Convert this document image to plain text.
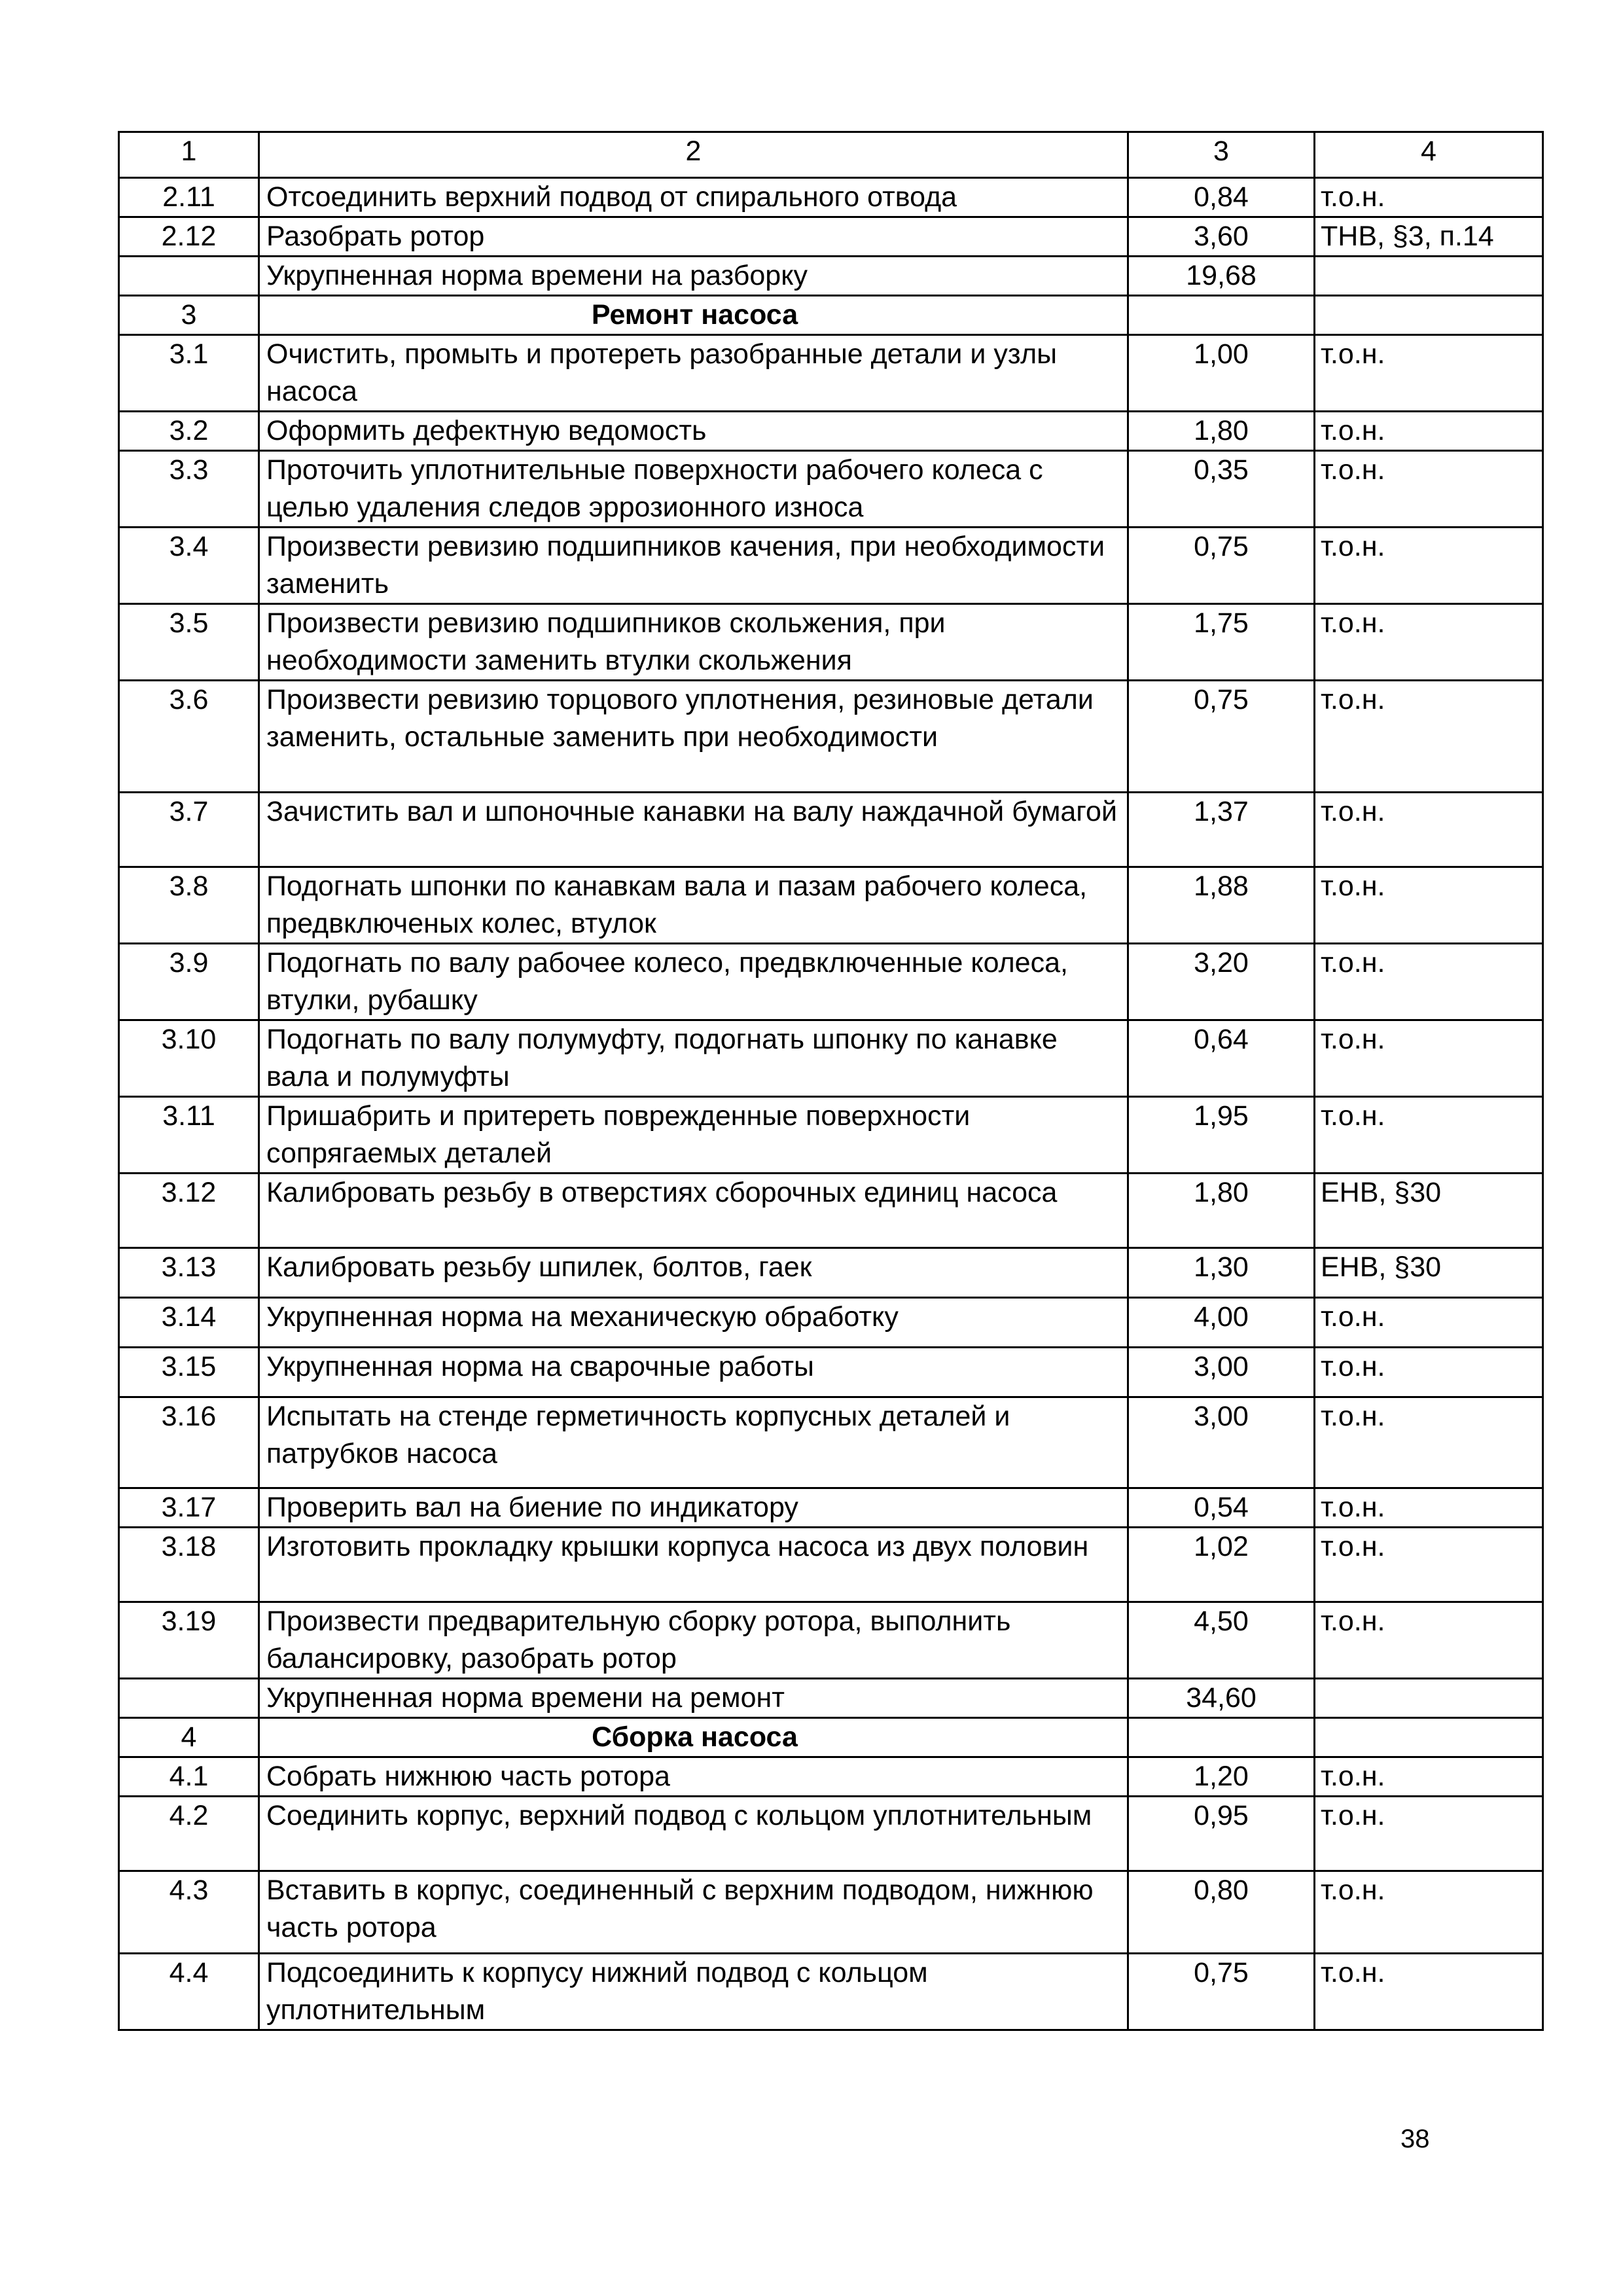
1	2	3	4
2.11	Отсоединить верхний подвод от спирального отвода	0,84	т.о.н.
2.12	Разобрать ротор	3,60	ТНВ, §3, п.14
	Укрупненная норма времени на разборку	19,68	
3	Ремонт насоса		
3.1	Очистить, промыть и протереть разобранные детали и узлы насоса	1,00	т.о.н.
3.2	Оформить дефектную ведомость	1,80	т.о.н.
3.3	Проточить уплотнительные поверхности рабочего колеса с целью удаления следов эррозионного износа	0,35	т.о.н.
3.4	Произвести ревизию подшипников качения, при необходимости заменить	0,75	т.о.н.
3.5	Произвести ревизию подшипников скольжения, при необходимости заменить втулки скольжения	1,75	т.о.н.
3.6	Произвести ревизию торцового уплотнения, резиновые детали заменить, остальные заменить при необходимости	0,75	т.о.н.
3.7	Зачистить вал и шпоночные канавки на валу наждачной бумагой	1,37	т.о.н.
3.8	Подогнать шпонки по канавкам вала и пазам рабочего колеса, предвключеных колес, втулок	1,88	т.о.н.
3.9	Подогнать по валу рабочее колесо, предвключенные колеса, втулки, рубашку	3,20	т.о.н.
3.10	Подогнать по валу полумуфту, подогнать шпонку по канавке вала и полумуфты	0,64	т.о.н.
3.11	Пришабрить и притереть поврежденные поверхности сопрягаемых деталей	1,95	т.о.н.
3.12	Калибровать резьбу в отверстиях сборочных единиц насоса	1,80	ЕНВ, §30
3.13	Калибровать резьбу шпилек, болтов, гаек	1,30	ЕНВ, §30
3.14	Укрупненная норма на механическую обработку	4,00	т.о.н.
3.15	Укрупненная норма на сварочные работы	3,00	т.о.н.
3.16	Испытать на стенде герметичность корпусных деталей и патрубков насоса	3,00	т.о.н.
3.17	Проверить вал на биение по индикатору	0,54	т.о.н.
3.18	Изготовить прокладку крышки корпуса насоса из двух половин	1,02	т.о.н.
3.19	Произвести предварительную сборку ротора, выполнить балансировку, разобрать ротор	4,50	т.о.н.
	Укрупненная норма времени на ремонт	34,60	
4	Сборка насоса		
4.1	Собрать нижнюю часть ротора	1,20	т.о.н.
4.2	Соединить корпус, верхний подвод с кольцом уплотнительным	0,95	т.о.н.
4.3	Вставить в корпус, соединенный с верхним подводом, нижнюю часть ротора	0,80	т.о.н.
4.4	Подсоединить к корпусу нижний подвод с кольцом уплотнительным	0,75	т.о.н.
38
